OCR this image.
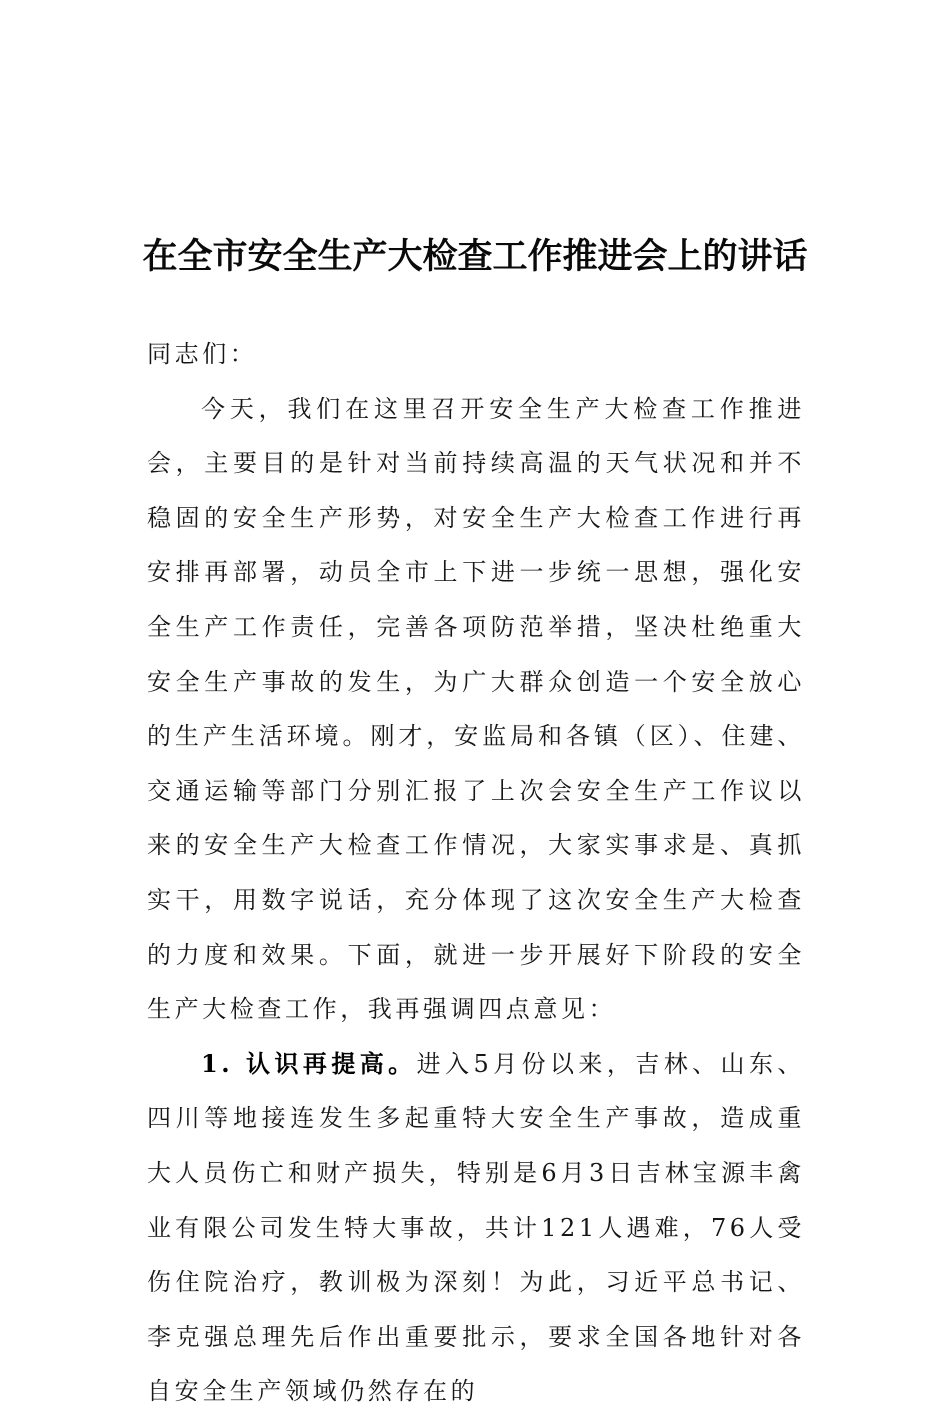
在全市安全生产大检查工作推进会上的讲话

同志们：

今天，我们在这里召开安全生产大检查工作推进会，主要目的是针对当前持续高温的天气状况和并不稳固的安全生产形势，对安全生产大检查工作进行再安排再部署，动员全市上下进一步统一思想，强化安全生产工作责任，完善各项防范举措，坚决杜绝重大安全生产事故的发生，为广大群众创造一个安全放心的生产生活环境。刚才，安监局和各镇（区）、住建、交通运输等部门分别汇报了上次会安全生产工作议以来的安全生产大检查工作情况，大家实事求是、真抓实干，用数字说话，充分体现了这次安全生产大检查的力度和效果。下面，就进一步开展好下阶段的安全生产大检查工作，我再强调四点意见：

1. 认识再提高。进入5月份以来，吉林、山东、四川等地接连发生多起重特大安全生产事故，造成重大人员伤亡和财产损失，特别是6月3日吉林宝源丰禽业有限公司发生特大事故，共计121人遇难，76人受伤住院治疗，教训极为深刻！为此，习近平总书记、李克强总理先后作出重要批示，要求全国各地针对各自安全生产领域仍然存在的
